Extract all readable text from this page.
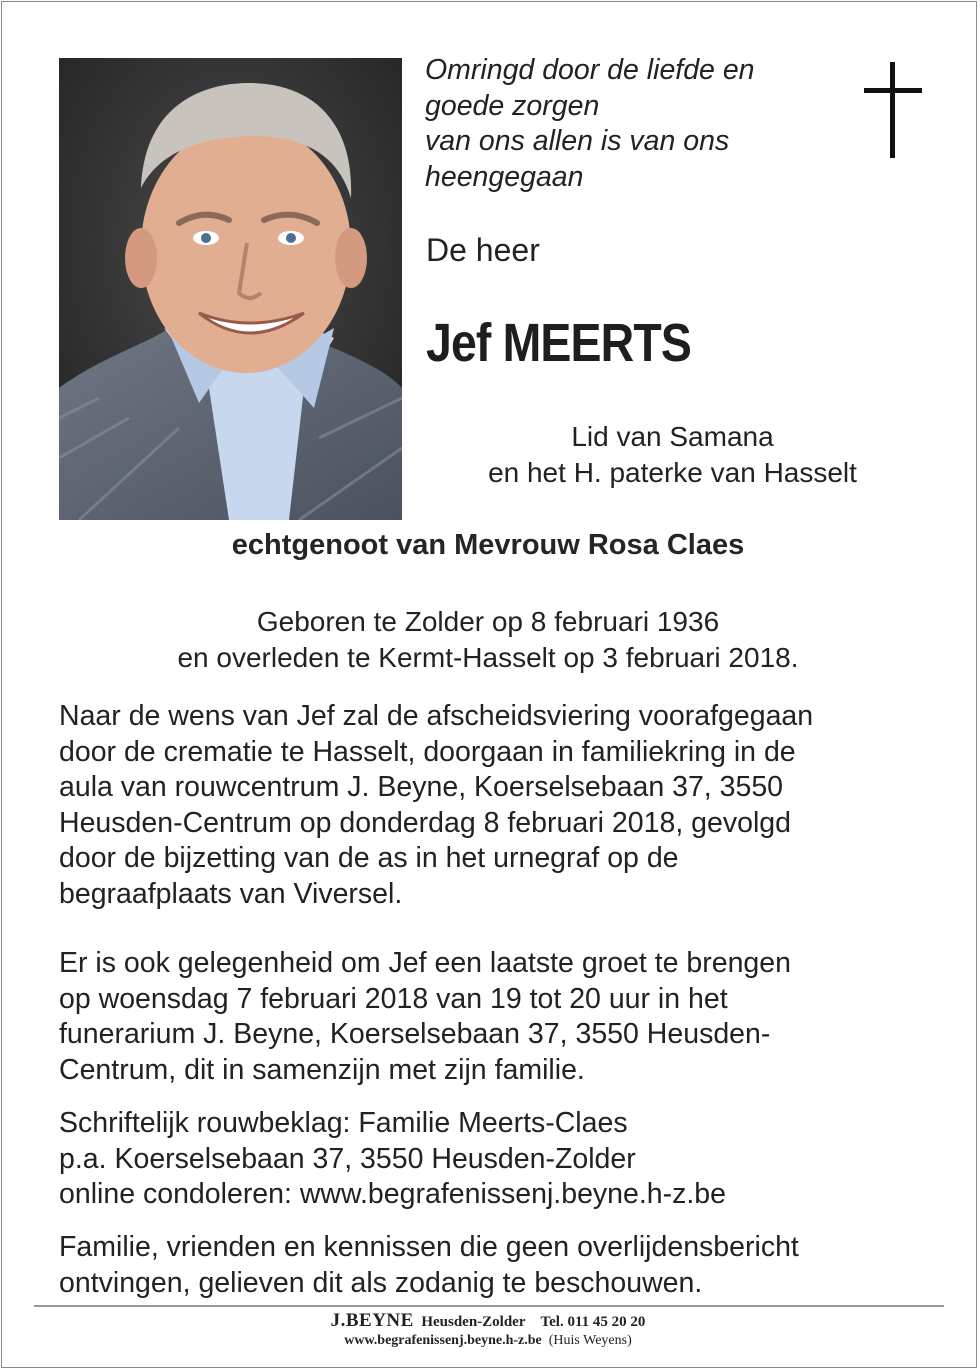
Omringd door de liefde en
goede zorgen
van ons allen is van ons
heengegaan
De heer
Jef MEERTS
Lid van Samana
en het H. paterke van Hasselt
echtgenoot van Mevrouw Rosa Claes
Geboren te Zolder op 8 februari 1936
en overleden te Kermt-Hasselt op 3 februari 2018.
Naar de wens van Jef zal de afscheidsviering voorafgegaan
door de crematie te Hasselt, doorgaan in familiekring in de
aula van rouwcentrum J. Beyne, Koerselsebaan 37, 3550
Heusden-Centrum op donderdag 8 februari 2018, gevolgd
door de bijzetting van de as in het urnegraf op de
begraafplaats van Viversel.
Er is ook gelegenheid om Jef een laatste groet te brengen
op woensdag 7 februari 2018 van 19 tot 20 uur in het
funerarium J. Beyne, Koerselsebaan 37, 3550 Heusden-
Centrum, dit in samenzijn met zijn familie.
Schriftelijk rouwbeklag: Familie Meerts-Claes
p.a. Koerselsebaan 37, 3550 Heusden-Zolder
online condoleren: www.begrafenissenj.beyne.h-z.be
Familie, vrienden en kennissen die geen overlijdensbericht
ontvingen, gelieven dit als zodanig te beschouwen.
J.BEYNE Heusden-Zolder Tel. 011 45 20 20
www.begrafenissenj.beyne.h-z.be (Huis Weyens)
